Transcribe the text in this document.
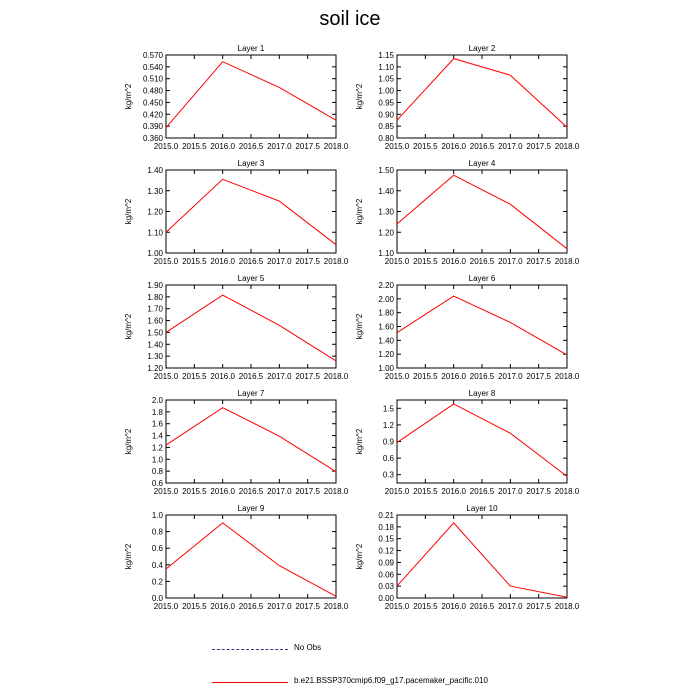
soil ice
Layer 1
2015.0 2015.5 2016.0 2016.5 2017.0 2017.5 2018.0
0.360
0.390
0.420
0.450
0.480
0.510
0.540
0.570
kg/m^2
Layer 2
2015.0 2015.5 2016.0 2016.5 2017.0 2017.5 2018.0
0.80
0.85
0.90
0.95
1.00
1.05
1.10
1.15
kg/m^2
Layer 3
2015.0 2015.5 2016.0 2016.5 2017.0 2017.5 2018.0
1.00
1.10
1.20
1.30
1.40
kg/m^2
Layer 4
2015.0 2015.5 2016.0 2016.5 2017.0 2017.5 2018.0
1.10
1.20
1.30
1.40
1.50
kg/m^2
Layer 5
2015.0 2015.5 2016.0 2016.5 2017.0 2017.5 2018.0
1.20
1.30
1.40
1.50
1.60
1.70
1.80
1.90
kg/m^2
Layer 6
2015.0 2015.5 2016.0 2016.5 2017.0 2017.5 2018.0
1.00
1.20
1.40
1.60
1.80
2.00
2.20
kg/m^2
Layer 7
2015.0 2015.5 2016.0 2016.5 2017.0 2017.5 2018.0
0.6
0.8
1.0
1.2
1.4
1.6
1.8
2.0
kg/m^2
Layer 8
2015.0 2015.5 2016.0 2016.5 2017.0 2017.5 2018.0
0.3
0.6
0.9
1.2
1.5
kg/m^2
Layer 9
2015.0 2015.5 2016.0 2016.5 2017.0 2017.5 2018.0
0.0
0.2
0.4
0.6
0.8
1.0
kg/m^2
Layer 10
2015.0 2015.5 2016.0 2016.5 2017.0 2017.5 2018.0
0.00
0.03
0.06
0.09
0.12
0.15
0.18
0.21
kg/m^2
No Obs
b.e21.BSSP370cmip6.f09_g17.pacemaker_pacific.010
